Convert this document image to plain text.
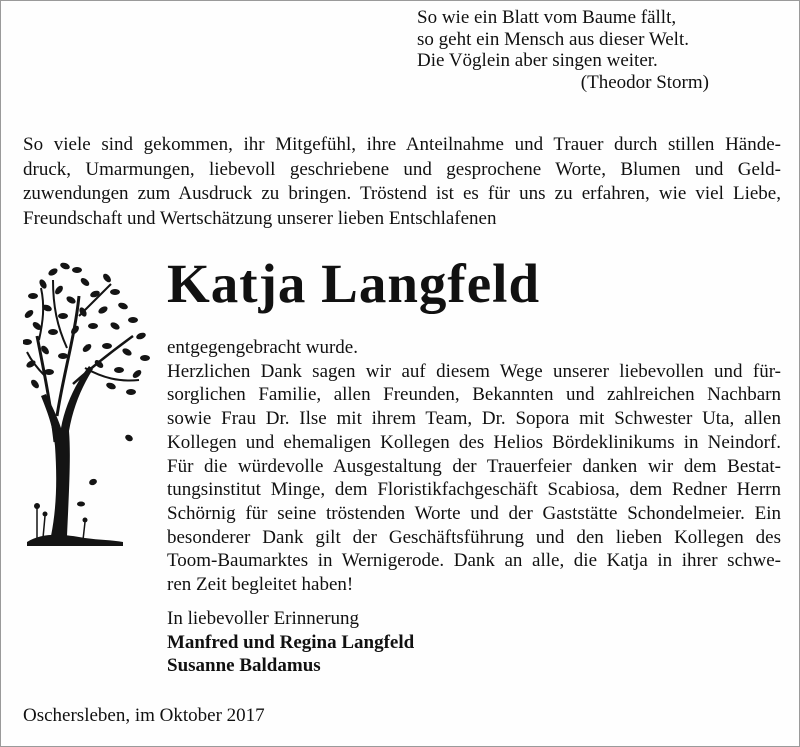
So wie ein Blatt vom Baume fällt,
so geht ein Mensch aus dieser Welt.
Die Vöglein aber singen weiter.
(Theodor Storm)
So viele sind gekommen, ihr Mitgefühl, ihre Anteilnahme und Trauer durch stillen Hände-
druck, Umarmungen, liebevoll geschriebene und gesprochene Worte, Blumen und Geld-
zuwendungen zum Ausdruck zu bringen. Tröstend ist es für uns zu erfahren, wie viel Liebe,
Freundschaft und Wertschätzung unserer lieben Entschlafenen
Katja Langfeld
entgegengebracht wurde.
Herzlichen Dank sagen wir auf diesem Wege unserer liebevollen und für-
sorglichen Familie, allen Freunden, Bekannten und zahlreichen Nachbarn
sowie Frau Dr. Ilse mit ihrem Team, Dr. Sopora mit Schwester Uta, allen
Kollegen und ehemaligen Kollegen des Helios Bördeklinikums in Neindorf.
Für die würdevolle Ausgestaltung der Trauerfeier danken wir dem Bestat-
tungsinstitut Minge, dem Floristikfachgeschäft Scabiosa, dem Redner Herrn
Schörnig für seine tröstenden Worte und der Gaststätte Schondelmeier. Ein
besonderer Dank gilt der Geschäftsführung und den lieben Kollegen des
Toom-Baumarktes in Wernigerode. Dank an alle, die Katja in ihrer schwe-
ren Zeit begleitet haben!
In liebevoller Erinnerung
Manfred und Regina Langfeld
Susanne Baldamus
Oschersleben, im Oktober 2017
